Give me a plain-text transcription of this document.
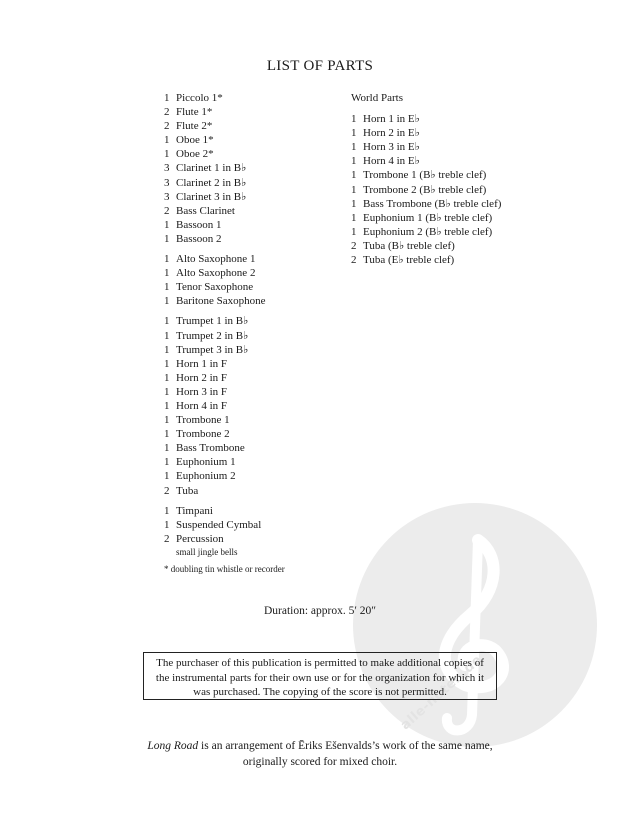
alle-noten.de
LIST OF PARTS
1 Piccolo 1*
2 Flute 1*
2 Flute 2*
1 Oboe 1*
1 Oboe 2*
3 Clarinet 1 in B♭
3 Clarinet 2 in B♭
3 Clarinet 3 in B♭
2 Bass Clarinet
1 Bassoon 1
1 Bassoon 2
1 Alto Saxophone 1
1 Alto Saxophone 2
1 Tenor Saxophone
1 Baritone Saxophone
1 Trumpet 1 in B♭
1 Trumpet 2 in B♭
1 Trumpet 3 in B♭
1 Horn 1 in F
1 Horn 2 in F
1 Horn 3 in F
1 Horn 4 in F
1 Trombone 1
1 Trombone 2
1 Bass Trombone
1 Euphonium 1
1 Euphonium 2
2 Tuba
1 Timpani
1 Suspended Cymbal
2 Percussion
small jingle bells
World Parts
1 Horn 1 in E♭
1 Horn 2 in E♭
1 Horn 3 in E♭
1 Horn 4 in E♭
1 Trombone 1 (B♭ treble clef)
1 Trombone 2 (B♭ treble clef)
1 Bass Trombone (B♭ treble clef)
1 Euphonium 1 (B♭ treble clef)
1 Euphonium 2 (B♭ treble clef)
2 Tuba (B♭ treble clef)
2 Tuba (E♭ treble clef)
* doubling tin whistle or recorder
Duration: approx. 5′ 20″
The purchaser of this publication is permitted to make additional copies of
the instrumental parts for their own use or for the organization for which it
was purchased. The copying of the score is not permitted.
Long Road is an arrangement of Ēriks Ešenvalds’s work of the same name,
originally scored for mixed choir.
